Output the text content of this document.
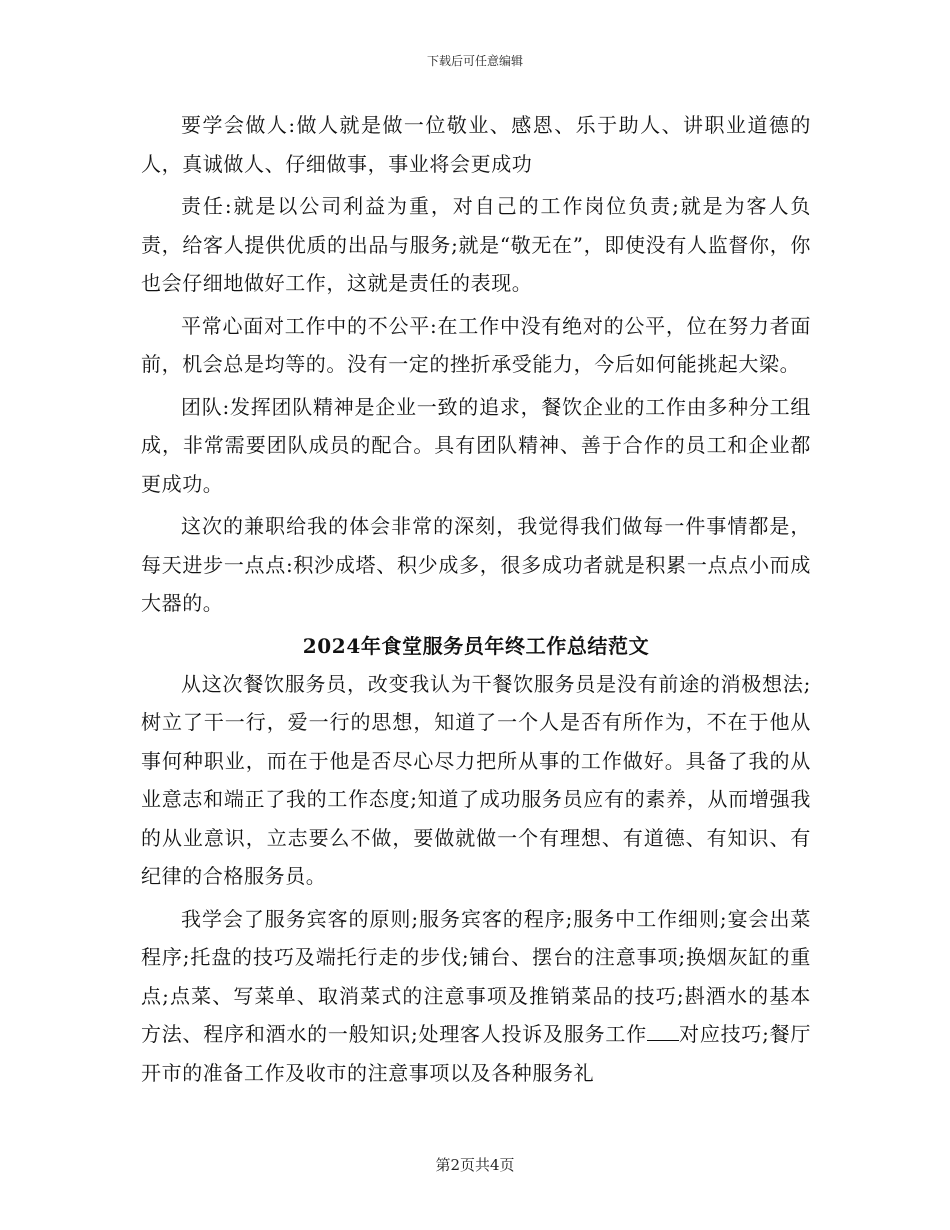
下载后可任意编辑

要学会做人:做人就是做一位敬业、感恩、乐于助人、讲职业道德的人，真诚做人、仔细做事，事业将会更成功

责任:就是以公司利益为重，对自己的工作岗位负责;就是为客人负责，给客人提供优质的出品与服务;就是“敬无在”，即使没有人监督你，你也会仔细地做好工作，这就是责任的表现。

平常心面对工作中的不公平:在工作中没有绝对的公平，位在努力者面前，机会总是均等的。没有一定的挫折承受能力，今后如何能挑起大梁。

团队:发挥团队精神是企业一致的追求，餐饮企业的工作由多种分工组成，非常需要团队成员的配合。具有团队精神、善于合作的员工和企业都更成功。

这次的兼职给我的体会非常的深刻，我觉得我们做每一件事情都是，每天进步一点点:积沙成塔、积少成多，很多成功者就是积累一点点小而成大器的。

2024年食堂服务员年终工作总结范文

从这次餐饮服务员，改变我认为干餐饮服务员是没有前途的消极想法;树立了干一行，爱一行的思想，知道了一个人是否有所作为，不在于他从事何种职业，而在于他是否尽心尽力把所从事的工作做好。具备了我的从业意志和端正了我的工作态度;知道了成功服务员应有的素养，从而增强我的从业意识，立志要么不做，要做就做一个有理想、有道德、有知识、有纪律的合格服务员。

我学会了服务宾客的原则;服务宾客的程序;服务中工作细则;宴会出菜程序;托盘的技巧及端托行走的步伐;铺台、摆台的注意事项;换烟灰缸的重点;点菜、写菜单、取消菜式的注意事项及推销菜品的技巧;斟酒水的基本方法、程序和酒水的一般知识;处理客人投诉及服务工作 对应技巧;餐厅开市的准备工作及收市的注意事项以及各种服务礼

第2页共4页
